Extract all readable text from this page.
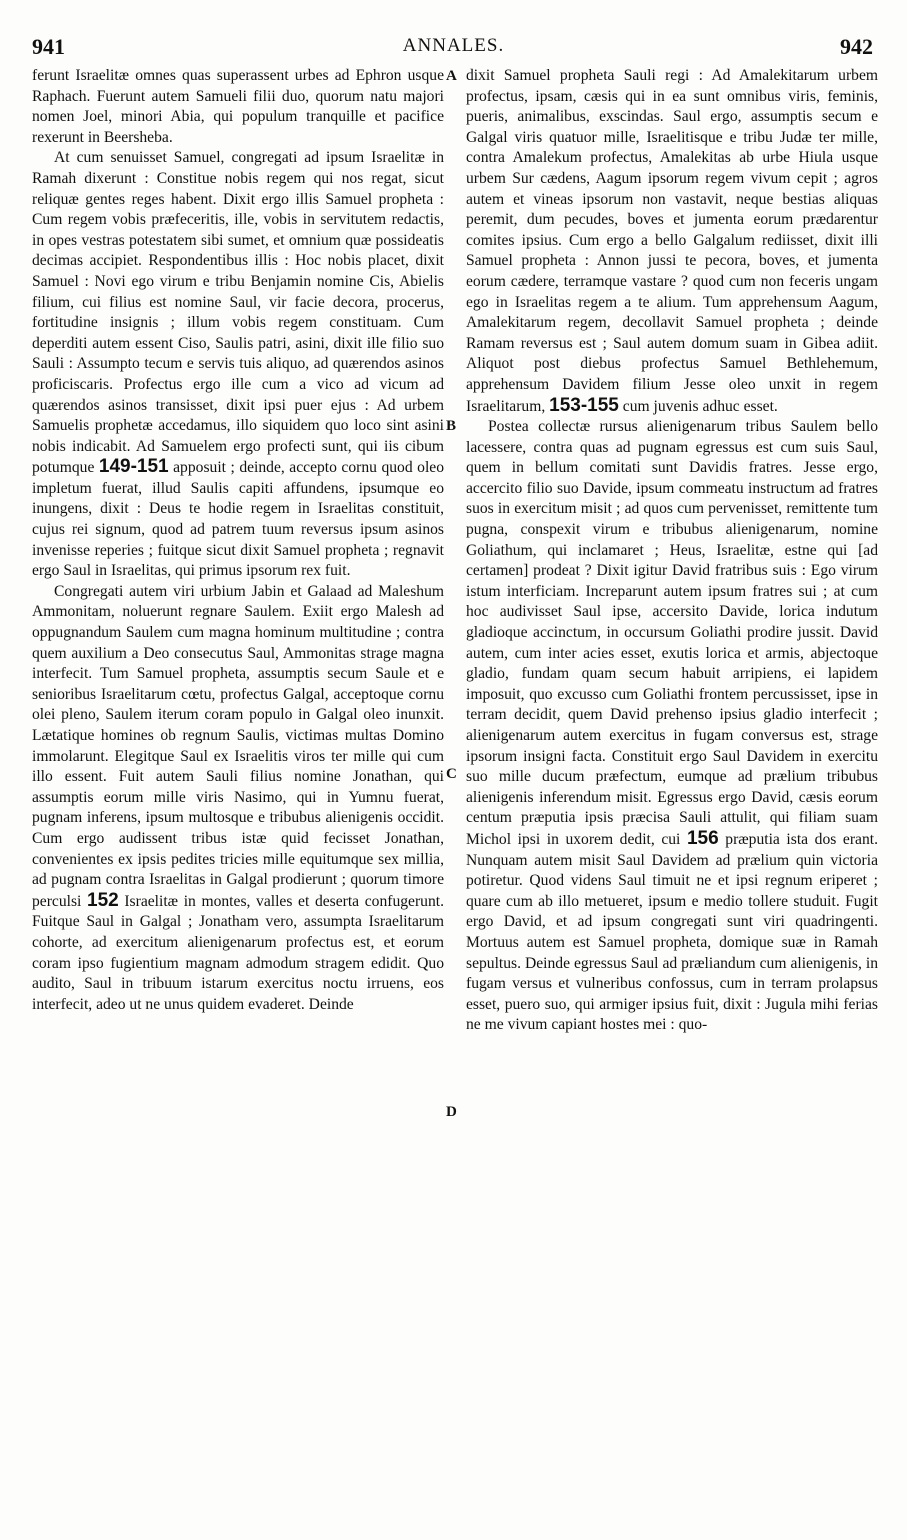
941	ANNALES.	942
A
B
C
D

ferunt Israelitæ omnes quas superassent urbes ad Ephron usque Raphach. Fuerunt autem Samueli filii duo, quorum natu majori nomen Joel, minori Abia, qui populum tranquille et pacifice rexerunt in Beersheba.

At cum senuisset Samuel, congregati ad ipsum Israelitæ in Ramah dixerunt : Constitue nobis regem qui nos regat, sicut reliquæ gentes reges habent. Dixit ergo illis Samuel propheta : Cum regem vobis præfeceritis, ille, vobis in servitutem redactis, in opes vestras potestatem sibi sumet, et omnium quæ possideatis decimas accipiet. Respondentibus illis : Hoc nobis placet, dixit Samuel : Novi ego virum e tribu Benjamin nomine Cis, Abielis filium, cui filius est nomine Saul, vir facie decora, procerus, fortitudine insignis ; illum vobis regem constituam. Cum deperditi autem essent Ciso, Saulis patri, asini, dixit ille filio suo Sauli : Assumpto tecum e servis tuis aliquo, ad quærendos asinos proficiscaris. Profectus ergo ille cum a vico ad vicum ad quærendos asinos transisset, dixit ipsi puer ejus : Ad urbem Samuelis prophetæ accedamus, illo siquidem quo loco sint asini nobis indicabit. Ad Samuelem ergo profecti sunt, qui iis cibum potumque 149-151 apposuit ; deinde, accepto cornu quod oleo impletum fuerat, illud Saulis capiti affundens, ipsumque eo inungens, dixit : Deus te hodie regem in Israelitas constituit, cujus rei signum, quod ad patrem tuum reversus ipsum asinos invenisse reperies ; fuitque sicut dixit Samuel propheta ; regnavit ergo Saul in Israelitas, qui primus ipsorum rex fuit.

Congregati autem viri urbium Jabin et Galaad ad Maleshum Ammonitam, noluerunt regnare Saulem. Exiit ergo Malesh ad oppugnandum Saulem cum magna hominum multitudine ; contra quem auxilium a Deo consecutus Saul, Ammonitas strage magna interfecit. Tum Samuel propheta, assumptis secum Saule et e senioribus Israelitarum cœtu, profectus Galgal, acceptoque cornu olei pleno, Saulem iterum coram populo in Galgal oleo inunxit. Lætatique homines ob regnum Saulis, victimas multas Domino immolarunt. Elegitque Saul ex Israelitis viros ter mille qui cum illo essent. Fuit autem Sauli filius nomine Jonathan, qui assumptis eorum mille viris Nasimo, qui in Yumnu fuerat, pugnam inferens, ipsum multosque e tribubus alienigenis occidit. Cum ergo audissent tribus istæ quid fecisset Jonathan, convenientes ex ipsis pedites tricies mille equitumque sex millia, ad pugnam contra Israelitas in Galgal prodierunt ; quorum timore perculsi 152 Israelitæ in montes, valles et deserta confugerunt. Fuitque Saul in Galgal ; Jonatham vero, assumpta Israelitarum cohorte, ad exercitum alienigenarum profectus est, et eorum coram ipso fugientium magnam admodum stragem edidit. Quo audito, Saul in tribuum istarum exercitus noctu irruens, eos interfecit, adeo ut ne unus quidem evaderet. Deinde

dixit Samuel propheta Sauli regi : Ad Amalekitarum urbem profectus, ipsam, cæsis qui in ea sunt omnibus viris, feminis, pueris, animalibus, exscindas. Saul ergo, assumptis secum e Galgal viris quatuor mille, Israelitisque e tribu Judæ ter mille, contra Amalekum profectus, Amalekitas ab urbe Hiula usque urbem Sur cædens, Aagum ipsorum regem vivum cepit ; agros autem et vineas ipsorum non vastavit, neque bestias aliquas peremit, dum pecudes, boves et jumenta eorum prædarentur comites ipsius. Cum ergo a bello Galgalum rediisset, dixit illi Samuel propheta : Annon jussi te pecora, boves, et jumenta eorum cædere, terramque vastare ? quod cum non feceris ungam ego in Israelitas regem a te alium. Tum apprehensum Aagum, Amalekitarum regem, decollavit Samuel propheta ; deinde Ramam reversus est ; Saul autem domum suam in Gibea adiit. Aliquot post diebus profectus Samuel Bethlehemum, apprehensum Davidem filium Jesse oleo unxit in regem Israelitarum, 153-155 cum juvenis adhuc esset.

Postea collectæ rursus alienigenarum tribus Saulem bello lacessere, contra quas ad pugnam egressus est cum suis Saul, quem in bellum comitati sunt Davidis fratres. Jesse ergo, accercito filio suo Davide, ipsum commeatu instructum ad fratres suos in exercitum misit ; ad quos cum pervenisset, remittente tum pugna, conspexit virum e tribubus alienigenarum, nomine Goliathum, qui inclamaret ; Heus, Israelitæ, estne qui [ad certamen] prodeat ? Dixit igitur David fratribus suis : Ego virum istum interficiam. Increparunt autem ipsum fratres sui ; at cum hoc audivisset Saul ipse, accersito Davide, lorica indutum gladioque accinctum, in occursum Goliathi prodire jussit. David autem, cum inter acies esset, exutis lorica et armis, abjectoque gladio, fundam quam secum habuit arripiens, ei lapidem imposuit, quo excusso cum Goliathi frontem percussisset, ipse in terram decidit, quem David prehenso ipsius gladio interfecit ; alienigenarum autem exercitus in fugam conversus est, strage ipsorum insigni facta. Constituit ergo Saul Davidem in exercitu suo mille ducum præfectum, eumque ad prælium tribubus alienigenis inferendum misit. Egressus ergo David, cæsis eorum centum præputia ipsis præcisa Sauli attulit, qui filiam suam Michol ipsi in uxorem dedit, cui 156 præputia ista dos erant. Nunquam autem misit Saul Davidem ad prælium quin victoria potiretur. Quod videns Saul timuit ne et ipsi regnum eriperet ; quare cum ab illo metueret, ipsum e medio tollere studuit. Fugit ergo David, et ad ipsum congregati sunt viri quadringenti. Mortuus autem est Samuel propheta, domique suæ in Ramah sepultus. Deinde egressus Saul ad præliandum cum alienigenis, in fugam versus et vulneribus confossus, cum in terram prolapsus esset, puero suo, qui armiger ipsius fuit, dixit : Jugula mihi ferias ne me vivum capiant hostes mei : quo-
